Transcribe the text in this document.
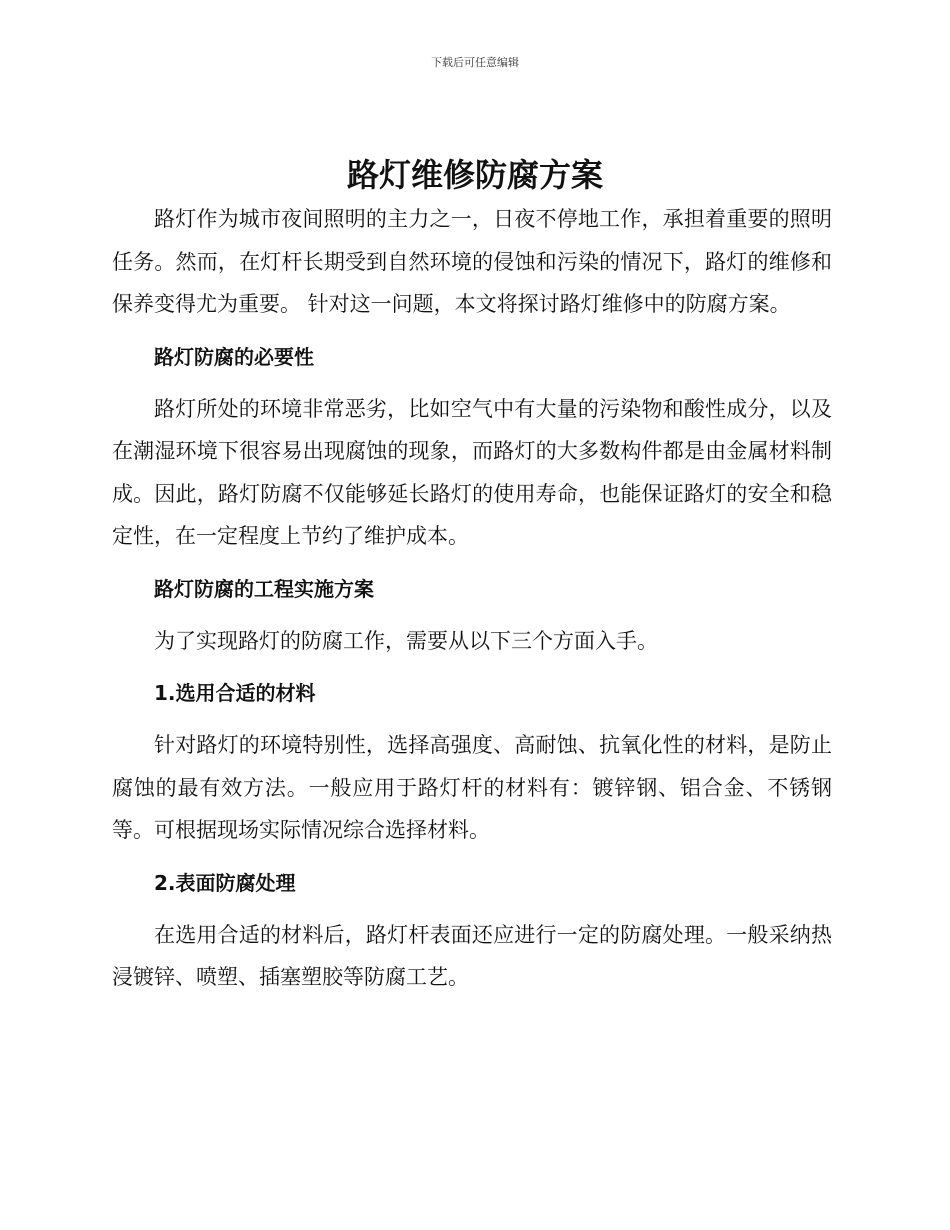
下载后可任意编辑
路灯维修防腐方案

路灯作为城市夜间照明的主力之一，日夜不停地工作，承担着重要的照明任务。然而，在灯杆长期受到自然环境的侵蚀和污染的情况下，路灯的维修和保养变得尤为重要。 针对这一问题，本文将探讨路灯维修中的防腐方案。

路灯防腐的必要性

路灯所处的环境非常恶劣，比如空气中有大量的污染物和酸性成分，以及在潮湿环境下很容易出现腐蚀的现象，而路灯的大多数构件都是由金属材料制成。因此，路灯防腐不仅能够延长路灯的使用寿命，也能保证路灯的安全和稳定性，在一定程度上节约了维护成本。

路灯防腐的工程实施方案

为了实现路灯的防腐工作，需要从以下三个方面入手。

1.选用合适的材料

针对路灯的环境特别性，选择高强度、高耐蚀、抗氧化性的材料，是防止腐蚀的最有效方法。一般应用于路灯杆的材料有：镀锌钢、铝合金、不锈钢等。可根据现场实际情况综合选择材料。

2.表面防腐处理

在选用合适的材料后，路灯杆表面还应进行一定的防腐处理。一般采纳热浸镀锌、喷塑、插塞塑胶等防腐工艺。
